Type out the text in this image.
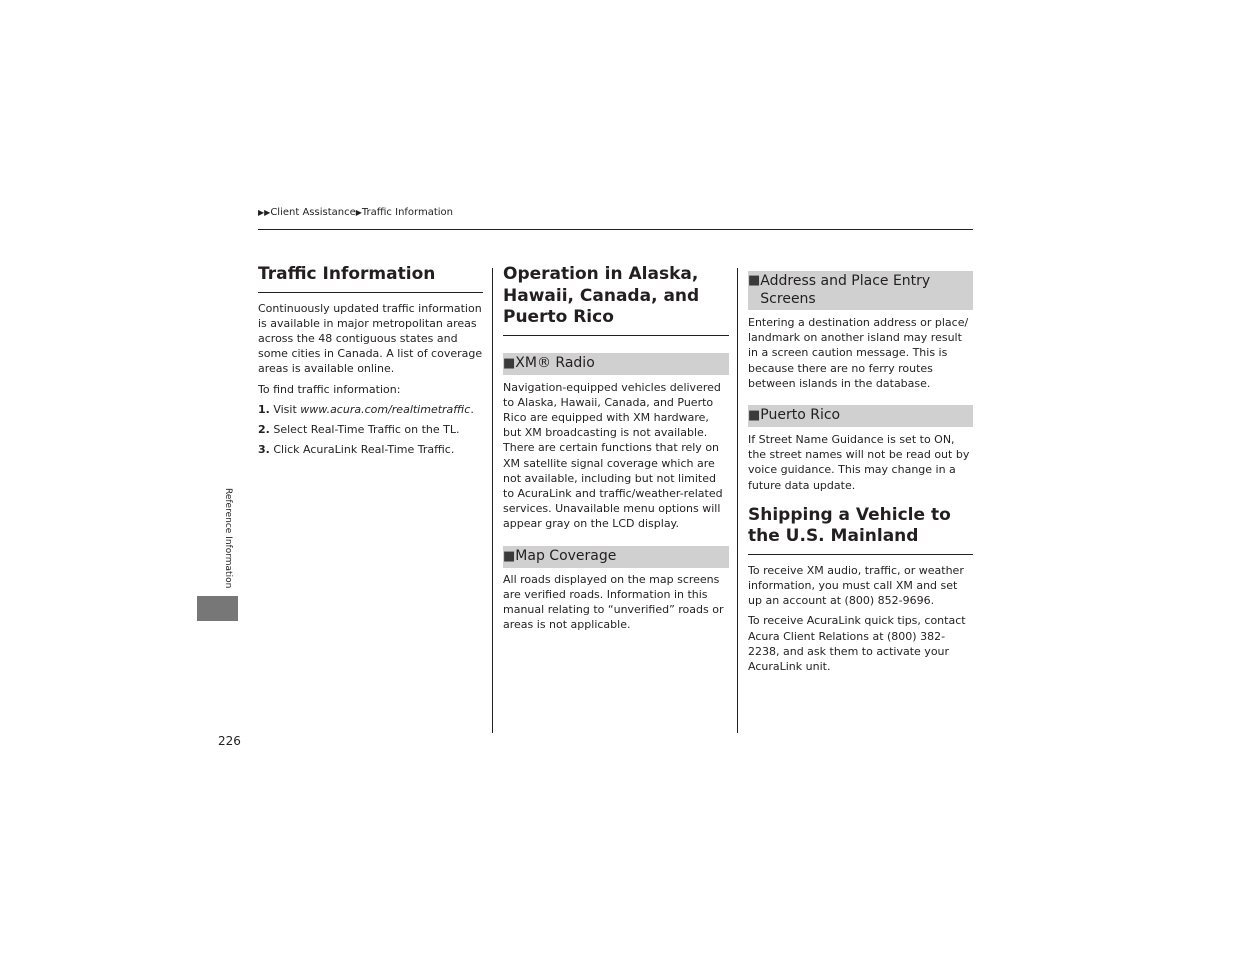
▶▶Client Assistance▶Traffic Information
Traffic Information

Continuously updated traffic information is available in major metropolitan areas across the 48 contiguous states and some cities in Canada. A list of coverage areas is available online.

To find traffic information:

1. Visit www.acura.com/realtimetraffic.

2. Select Real-Time Traffic on the TL.

3. Click AcuraLink Real-Time Traffic.

Operation in Alaska, Hawaii, Canada, and Puerto Rico
■XM® Radio

Navigation-equipped vehicles delivered to Alaska, Hawaii, Canada, and Puerto Rico are equipped with XM hardware, but XM broadcasting is not available. There are certain functions that rely on XM satellite signal coverage which are not available, including but not limited to AcuraLink and traffic/weather-related services. Unavailable menu options will appear gray on the LCD display.

■Map Coverage

All roads displayed on the map screens are verified roads. Information in this manual relating to “unverified” roads or areas is not applicable.

■ Address and Place Entry Screens

Entering a destination address or place/ landmark on another island may result in a screen caution message. This is because there are no ferry routes between islands in the database.

■Puerto Rico

If Street Name Guidance is set to ON, the street names will not be read out by voice guidance. This may change in a future data update.

Shipping a Vehicle to the U.S. Mainland

To receive XM audio, traffic, or weather information, you must call XM and set up an account at (800) 852-9696.

To receive AcuraLink quick tips, contact Acura Client Relations at (800) 382-2238, and ask them to activate your AcuraLink unit.

Reference Information
226
